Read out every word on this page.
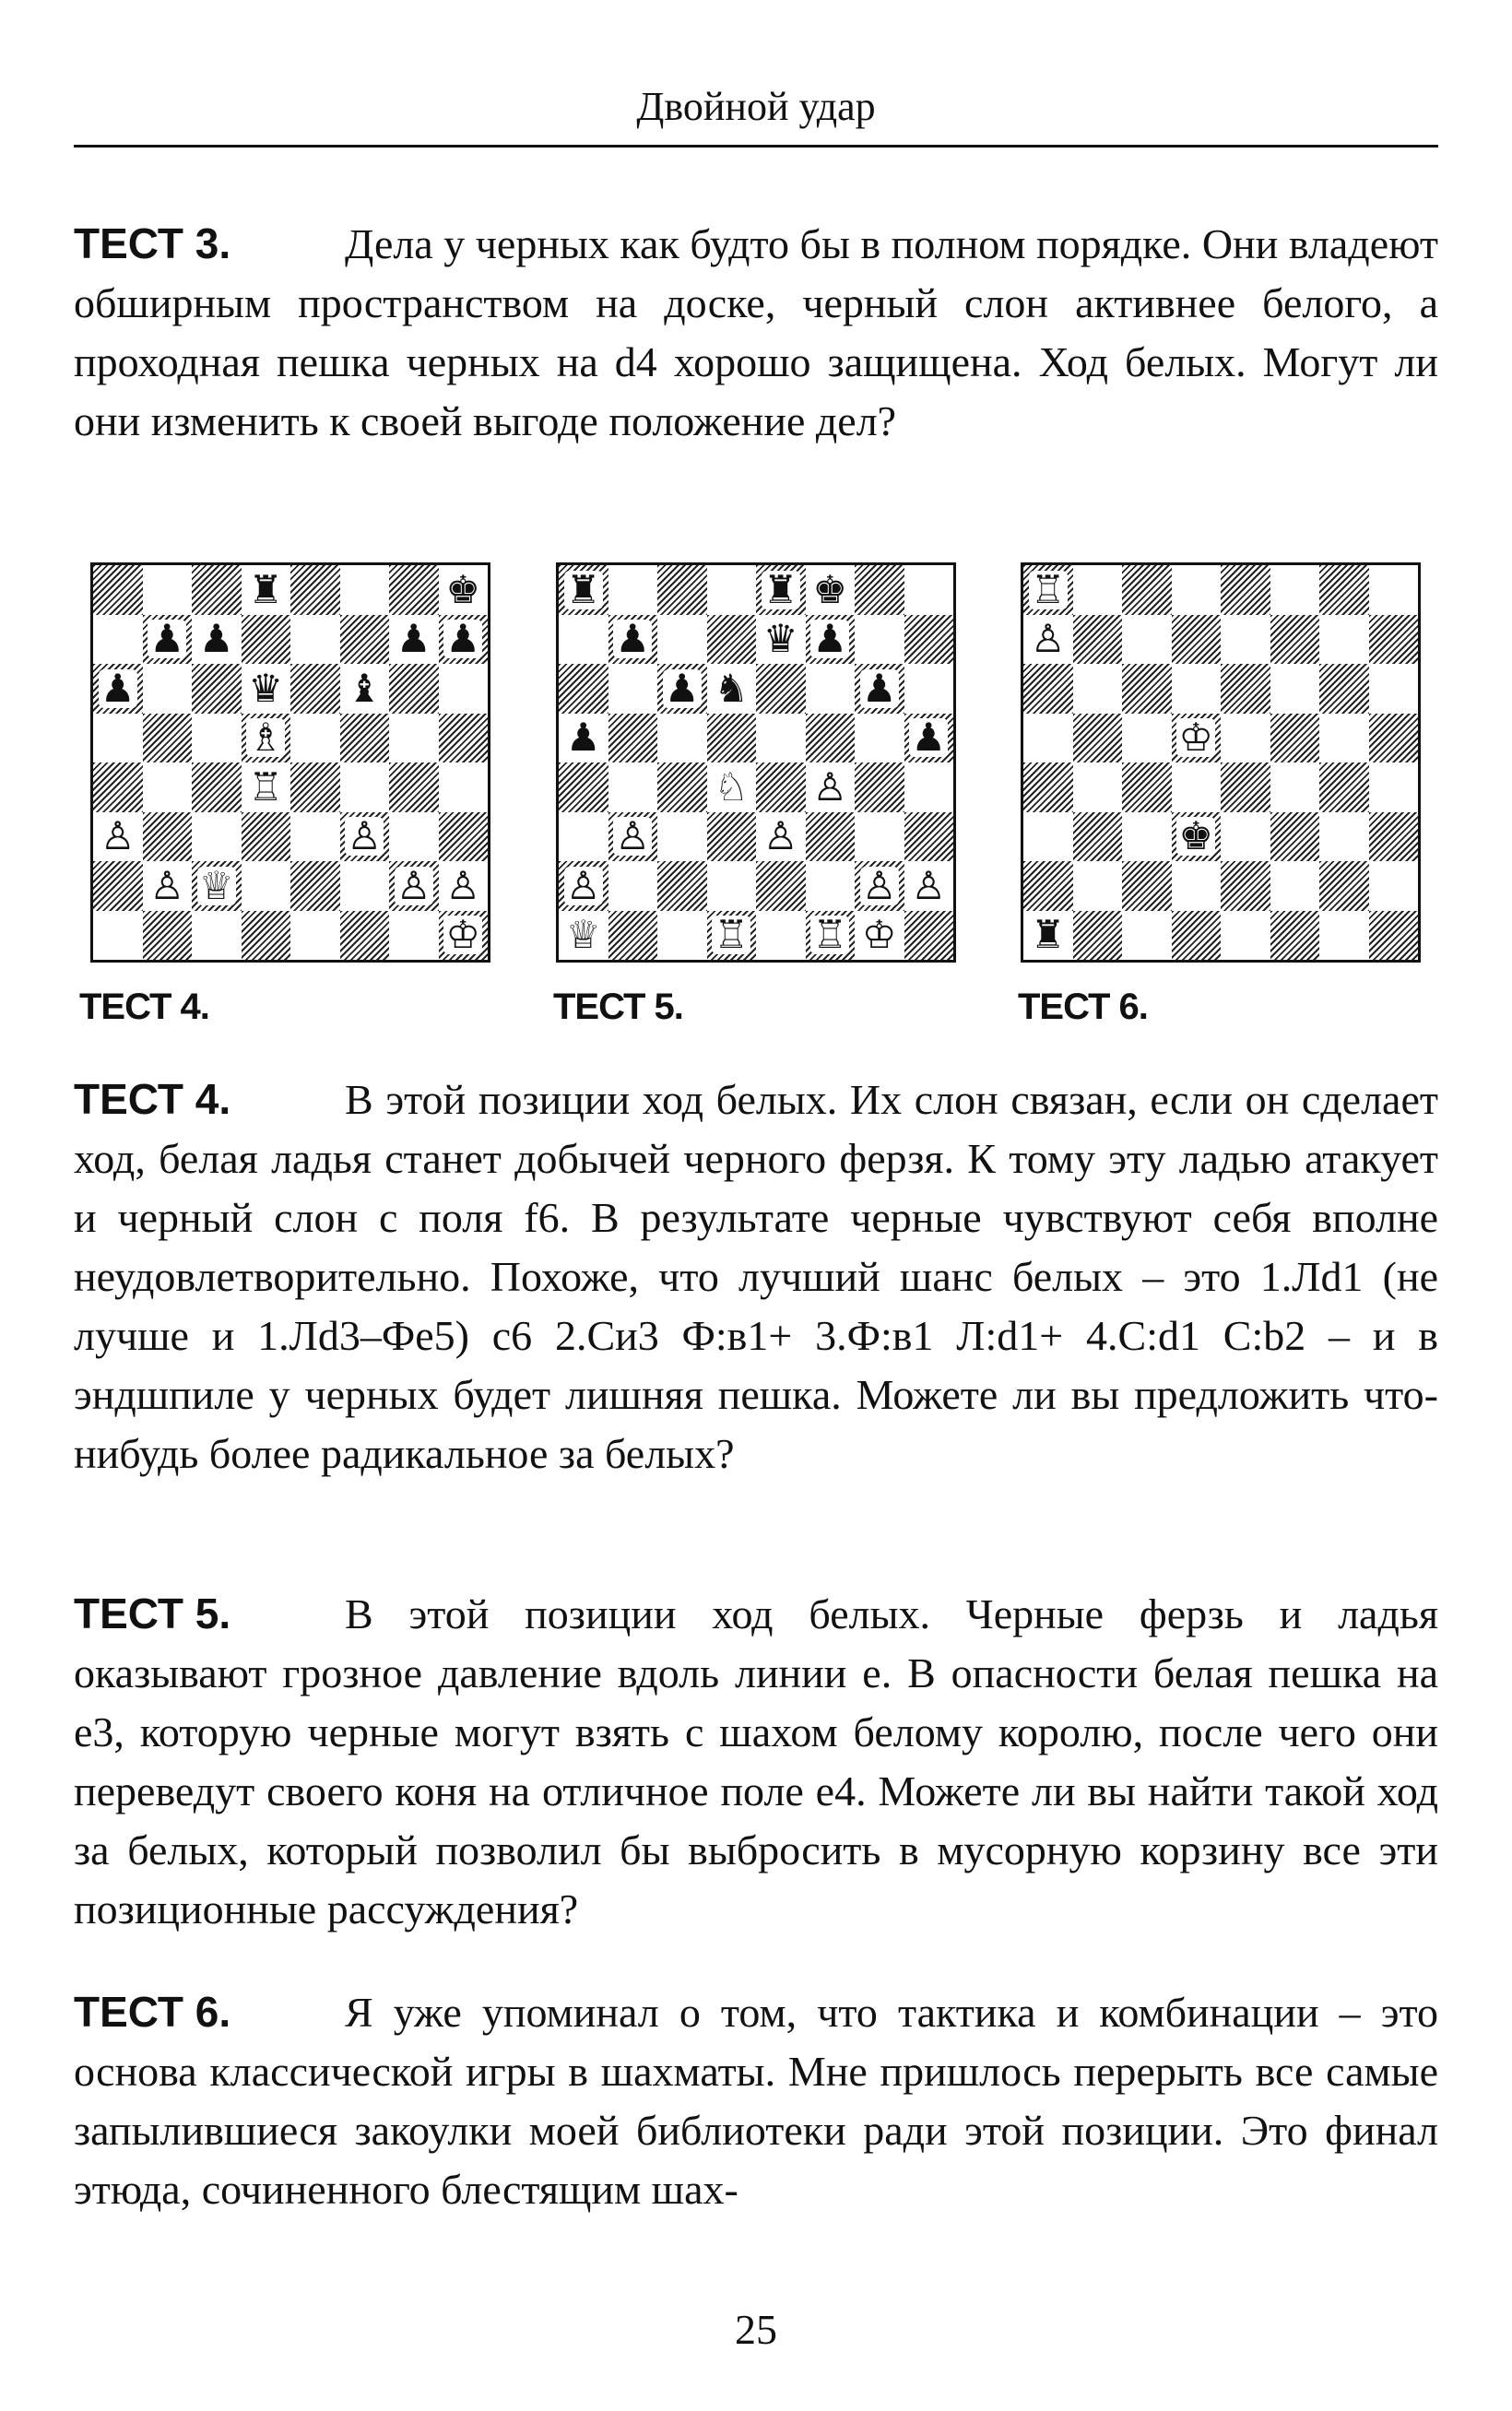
Двойной удар

ТЕСТ 3.	Дела у черных как будто бы в полном порядке. Они владеют обширным пространством на доске, черный слон активнее белого, а проходная пешка черных на d4 хорошо защищена. Ход белых. Могут ли они изменить к своей выгоде положение дел?

♜	♚
♟ ♟	♟ ♟
♟	♛ ♝
♗
♖
♙	♙
♙ ♕	♙ ♙
♔
♜	♜ ♚
♟	♛ ♟
♟ ♞	♟
♟	♟
♘ ♙
♙	♙
♙	♙ ♙
♕	♖ ♖ ♔
♖
♙
♔
♚
♜
ТЕСТ 4.	ТЕСТ 5.	ТЕСТ 6.

ТЕСТ 4.	В этой позиции ход белых. Их слон связан, если он сделает ход, белая ладья станет добычей черного ферзя. К тому эту ладью атакует и черный слон с поля f6. В результате черные чувствуют себя вполне неудовлетворительно. Похоже, что лучший шанс белых – это 1.Лd1 (не лучше и 1.Лd3–Фe5) c6 2.Cи3 Ф:в1+ 3.Ф:в1 Л:d1+ 4.C:d1 C:b2 – и в эндшпиле у черных будет лишняя пешка. Можете ли вы предложить что-нибудь более радикальное за белых?

ТЕСТ 5.	В этой позиции ход белых. Черные ферзь и ладья оказывают грозное давление вдоль линии e. В опасности белая пешка на e3, которую черные могут взять с шахом белому королю, после чего они переведут своего коня на отличное поле e4. Можете ли вы найти такой ход за белых, который позволил бы выбросить в мусорную корзину все эти позиционные рассуждения?

ТЕСТ 6.	Я уже упоминал о том, что тактика и комбинации – это основа классической игры в шахматы. Мне пришлось перерыть все самые запылившиеся закоулки моей библиотеки ради этой позиции. Это финал этюда, сочиненного блестящим шах-

25
